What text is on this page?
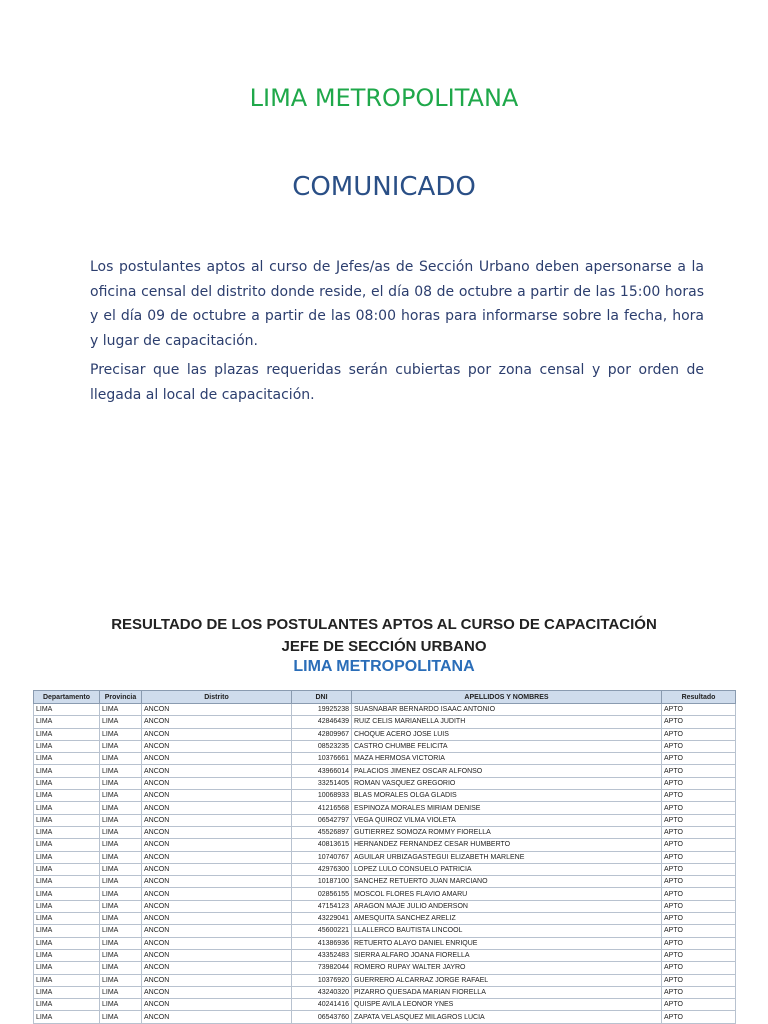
LIMA METROPOLITANA
COMUNICADO
Los postulantes aptos al curso de Jefes/as de Sección Urbano deben apersonarse a la oficina censal del distrito donde reside, el día 08 de octubre a partir de las 15:00 horas y el día 09 de octubre a partir de las 08:00 horas para informarse sobre la fecha, hora y lugar de capacitación.
Precisar que las plazas requeridas serán cubiertas por zona censal y por orden de llegada al local de capacitación.
RESULTADO DE LOS POSTULANTES APTOS AL CURSO DE CAPACITACIÓN
JEFE DE SECCIÓN URBANO
LIMA METROPOLITANA
Departamento	Provincia	Distrito	DNI	APELLIDOS Y NOMBRES	Resultado
LIMA	LIMA	ANCON	19925238	SUASNABAR BERNARDO ISAAC ANTONIO	APTO
LIMA	LIMA	ANCON	42846439	RUIZ CELIS MARIANELLA JUDITH	APTO
LIMA	LIMA	ANCON	42809967	CHOQUE ACERO JOSE LUIS	APTO
LIMA	LIMA	ANCON	08523235	CASTRO CHUMBE FELICITA	APTO
LIMA	LIMA	ANCON	10376661	MAZA HERMOSA VICTORIA	APTO
LIMA	LIMA	ANCON	43966014	PALACIOS JIMENEZ OSCAR ALFONSO	APTO
LIMA	LIMA	ANCON	33251405	ROMAN VASQUEZ GREGORIO	APTO
LIMA	LIMA	ANCON	10068933	BLAS MORALES OLGA GLADIS	APTO
LIMA	LIMA	ANCON	41216568	ESPINOZA MORALES MIRIAM DENISE	APTO
LIMA	LIMA	ANCON	06542797	VEGA QUIROZ VILMA VIOLETA	APTO
LIMA	LIMA	ANCON	45526897	GUTIERREZ SOMOZA ROMMY FIORELLA	APTO
LIMA	LIMA	ANCON	40813615	HERNANDEZ FERNANDEZ CESAR HUMBERTO	APTO
LIMA	LIMA	ANCON	10740767	AGUILAR URBIZAGASTEGUI ELIZABETH MARLENE	APTO
LIMA	LIMA	ANCON	42976300	LOPEZ LULO CONSUELO PATRICIA	APTO
LIMA	LIMA	ANCON	10187100	SANCHEZ RETUERTO JUAN MARCIANO	APTO
LIMA	LIMA	ANCON	02856155	MOSCOL FLORES FLAVIO AMARU	APTO
LIMA	LIMA	ANCON	47154123	ARAGON MAJE JULIO ANDERSON	APTO
LIMA	LIMA	ANCON	43229041	AMESQUITA SANCHEZ ARELIZ	APTO
LIMA	LIMA	ANCON	45600221	LLALLERCO BAUTISTA LINCOOL	APTO
LIMA	LIMA	ANCON	41386936	RETUERTO ALAYO DANIEL ENRIQUE	APTO
LIMA	LIMA	ANCON	43352483	SIERRA ALFARO JOANA FIORELLA	APTO
LIMA	LIMA	ANCON	73982044	ROMERO RUPAY WALTER JAYRO	APTO
LIMA	LIMA	ANCON	10376920	GUERRERO ALCARRAZ JORGE RAFAEL	APTO
LIMA	LIMA	ANCON	43240320	PIZARRO QUESADA MARIAN FIORELLA	APTO
LIMA	LIMA	ANCON	40241416	QUISPE AVILA LEONOR YNES	APTO
LIMA	LIMA	ANCON	06543760	ZAPATA VELASQUEZ MILAGROS LUCIA	APTO
